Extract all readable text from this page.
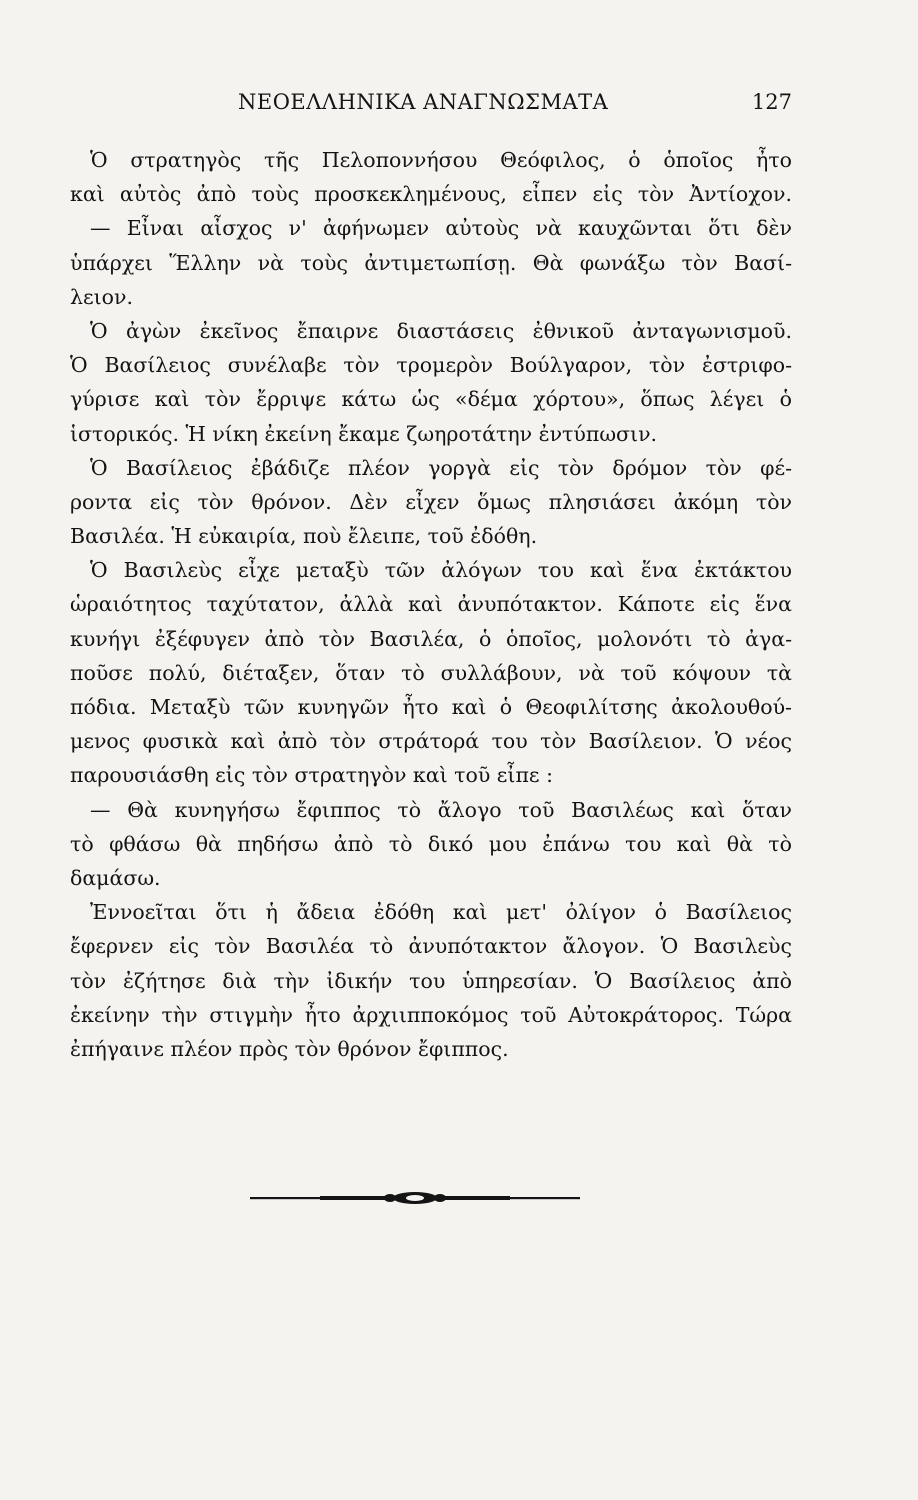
ΝΕΟΕΛΛΗΝΙΚΑ ΑΝΑΓΝΩΣΜΑΤΑ	127
Ὁ στρατηγὸς τῆς Πελοποννήσου Θεόφιλος, ὁ ὁποῖος ἦτο
καὶ αὐτὸς ἀπὸ τοὺς προσκεκλημένους, εἶπεν εἰς τὸν Ἀντίοχον.
— Εἶναι αἶσχος ν' ἀφήνωμεν αὐτοὺς νὰ καυχῶνται ὅτι δὲν
ὑπάρχει Ἕλλην νὰ τοὺς ἀντιμετωπίσῃ. Θὰ φωνάξω τὸν Βασί-
λειον.
Ὁ ἀγὼν ἐκεῖνος ἔπαιρνε διαστάσεις ἐθνικοῦ ἀνταγωνισμοῦ.
Ὁ Βασίλειος συνέλαβε τὸν τρομερὸν Βούλγαρον, τὸν ἐστριφο-
γύρισε καὶ τὸν ἔρριψε κάτω ὡς «δέμα χόρτου», ὅπως λέγει ὁ
ἱστορικός. Ἡ νίκη ἐκείνη ἔκαμε ζωηροτάτην ἐντύπωσιν.
Ὁ Βασίλειος ἐβάδιζε πλέον γοργὰ εἰς τὸν δρόμον τὸν φέ-
ροντα εἰς τὸν θρόνον. Δὲν εἶχεν ὅμως πλησιάσει ἀκόμη τὸν
Βασιλέα. Ἡ εὐκαιρία, ποὺ ἔλειπε, τοῦ ἐδόθη.
Ὁ Βασιλεὺς εἶχε μεταξὺ τῶν ἀλόγων του καὶ ἕνα ἐκτάκτου
ὡραιότητος ταχύτατον, ἀλλὰ καὶ ἀνυπότακτον. Κάποτε εἰς ἕνα
κυνήγι ἐξέφυγεν ἀπὸ τὸν Βασιλέα, ὁ ὁποῖος, μολονότι τὸ ἀγα-
ποῦσε πολύ, διέταξεν, ὅταν τὸ συλλάβουν, νὰ τοῦ κόψουν τὰ
πόδια. Μεταξὺ τῶν κυνηγῶν ἦτο καὶ ὁ Θεοφιλίτσης ἀκολουθού-
μενος φυσικὰ καὶ ἀπὸ τὸν στράτορά του τὸν Βασίλειον. Ὁ νέος
παρουσιάσθη εἰς τὸν στρατηγὸν καὶ τοῦ εἶπε :
— Θὰ κυνηγήσω ἔφιππος τὸ ἄλογο τοῦ Βασιλέως καὶ ὅταν
τὸ φθάσω θὰ πηδήσω ἀπὸ τὸ δικό μου ἐπάνω του καὶ θὰ τὸ
δαμάσω.
Ἐννοεῖται ὅτι ἡ ἄδεια ἐδόθη καὶ μετ' ὀλίγον ὁ Βασίλειος
ἔφερνεν εἰς τὸν Βασιλέα τὸ ἀνυπότακτον ἄλογον. Ὁ Βασιλεὺς
τὸν ἐζήτησε διὰ τὴν ἰδικήν του ὑπηρεσίαν. Ὁ Βασίλειος ἀπὸ
ἐκείνην τὴν στιγμὴν ἦτο ἀρχιιπποκόμος τοῦ Αὐτοκράτορος. Τώρα
ἐπήγαινε πλέον πρὸς τὸν θρόνον ἔφιππος.
